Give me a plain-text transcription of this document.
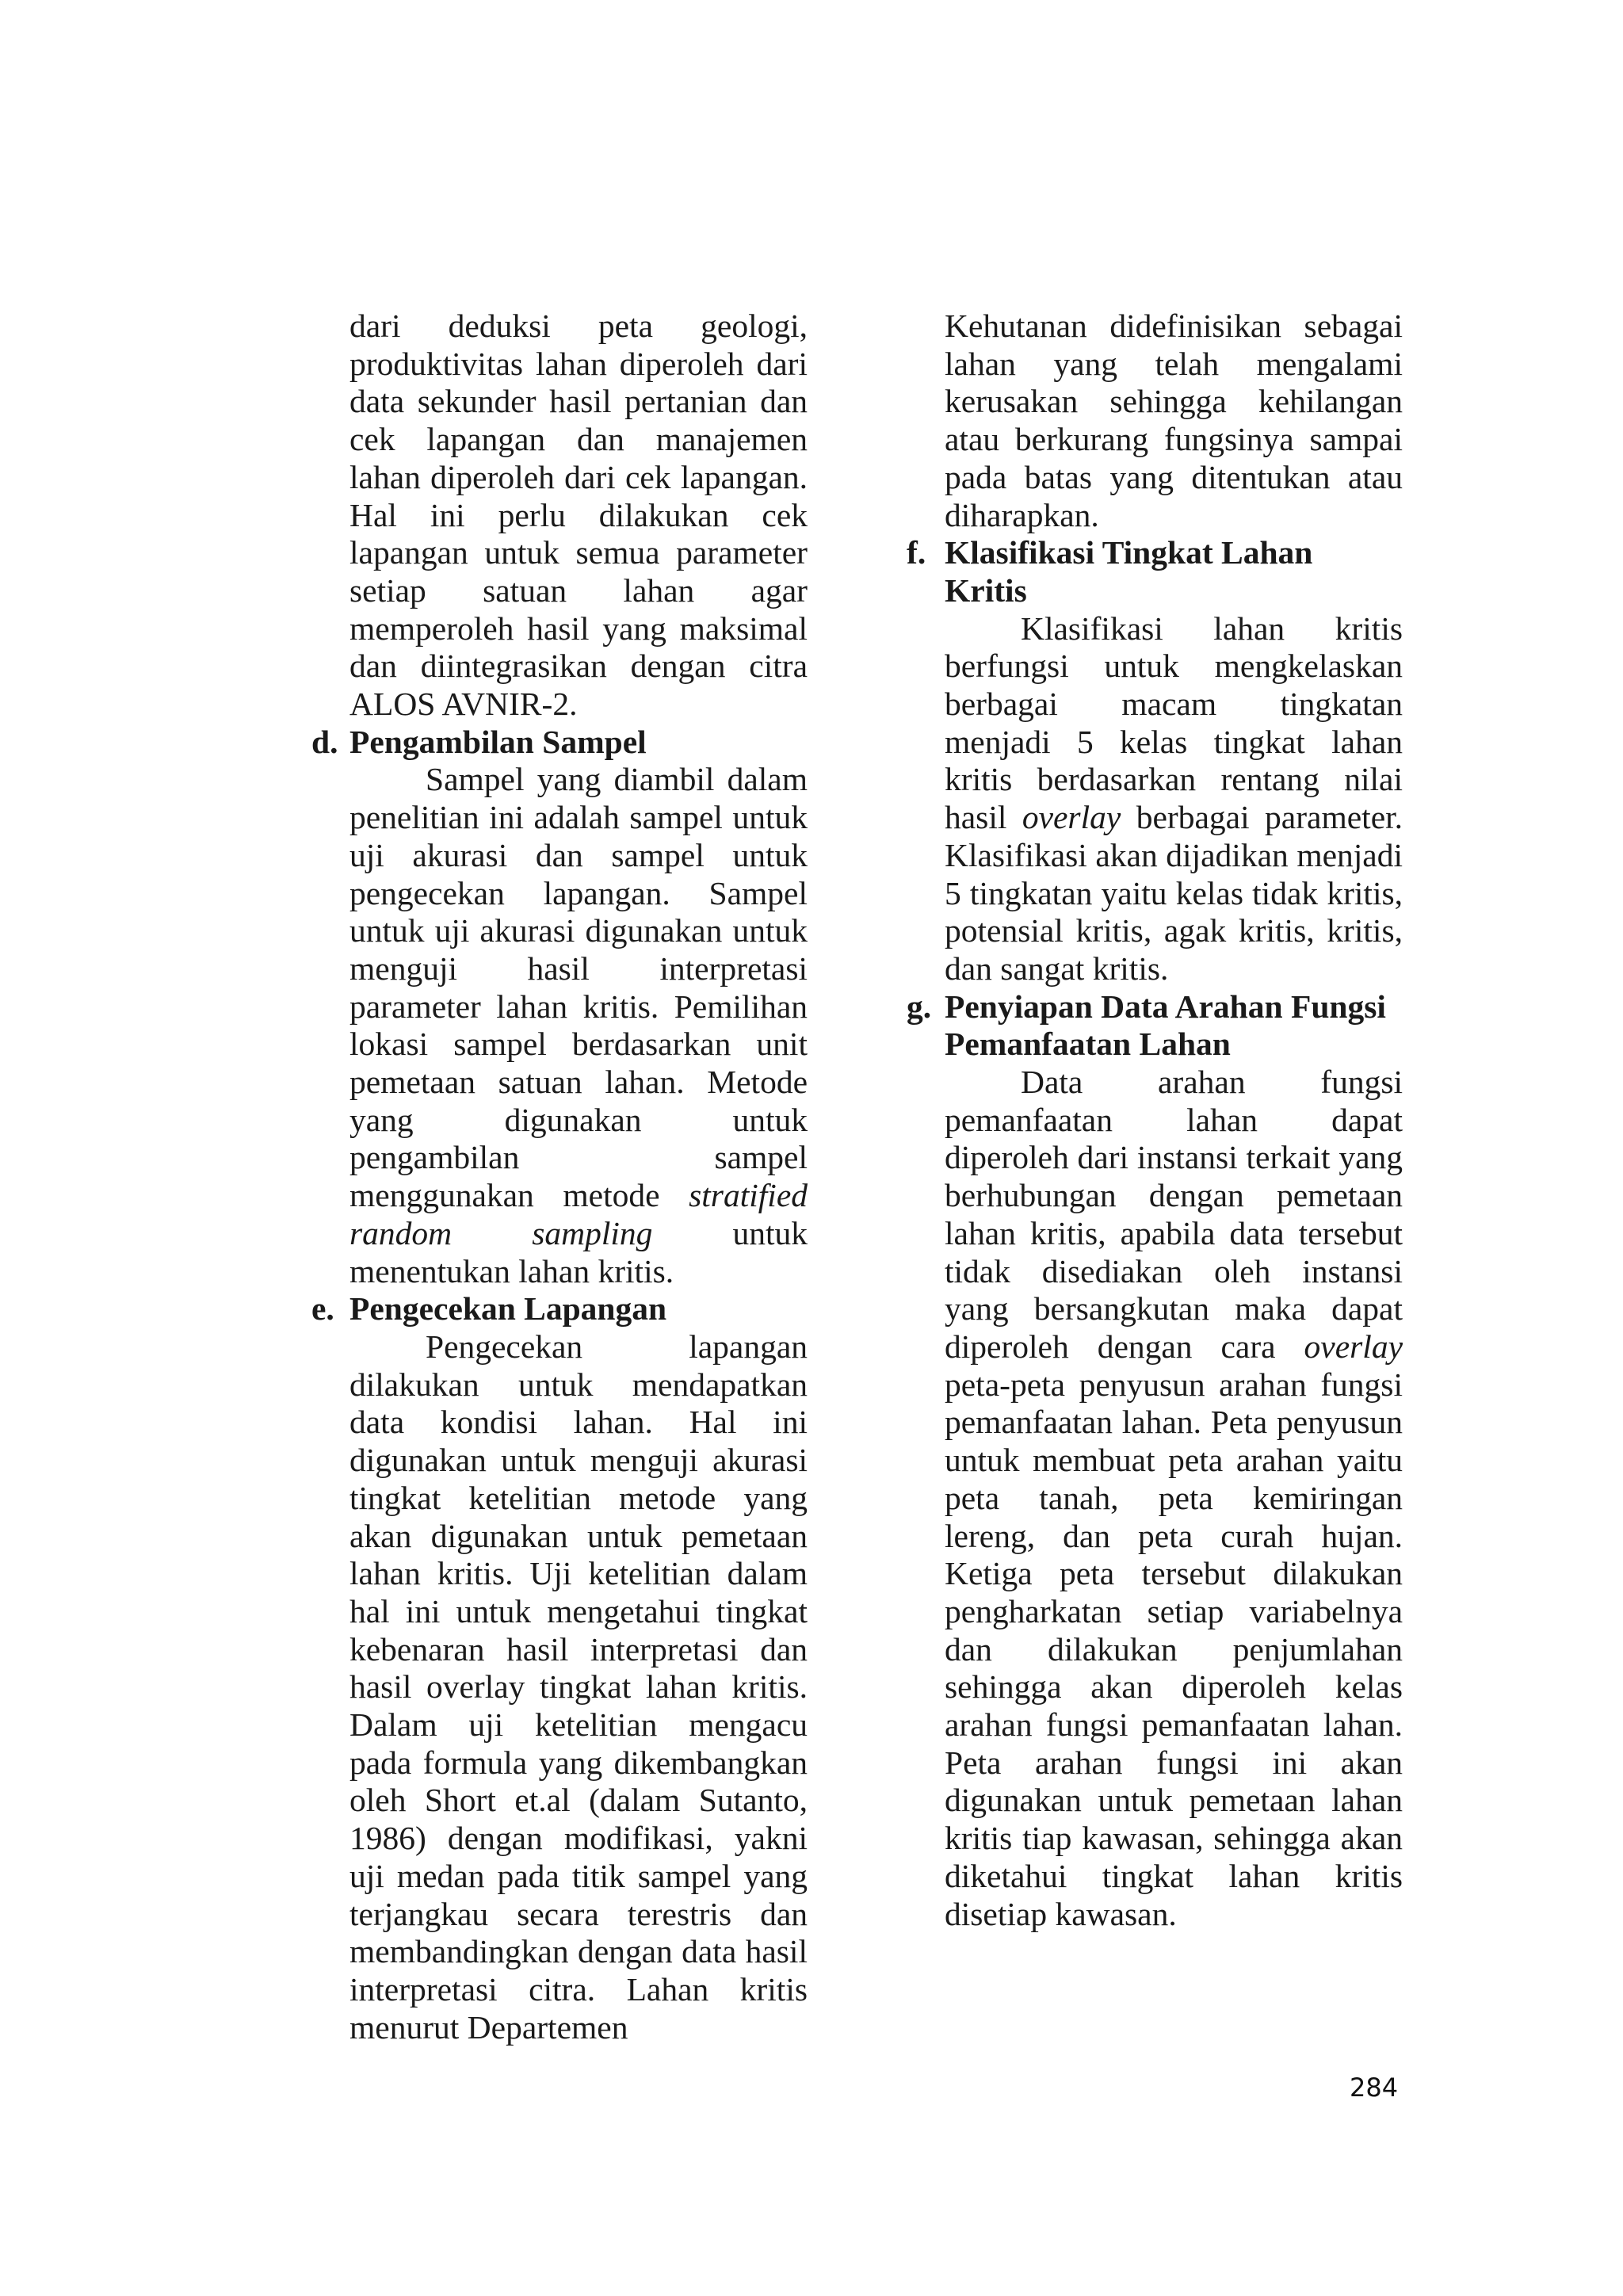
dari deduksi peta geologi, produktivitas lahan diperoleh dari data sekunder hasil pertanian dan cek lapangan dan manajemen lahan diperoleh dari cek lapangan. Hal ini perlu dilakukan cek lapangan untuk semua parameter setiap satuan lahan agar memperoleh hasil yang maksimal dan diintegrasikan dengan citra ALOS AVNIR-2.

d. Pengambilan Sampel

Sampel yang diambil dalam penelitian ini adalah sampel untuk uji akurasi dan sampel untuk pengecekan lapangan. Sampel untuk uji akurasi digunakan untuk menguji hasil interpretasi parameter lahan kritis. Pemilihan lokasi sampel berdasarkan unit pemetaan satuan lahan. Metode yang digunakan untuk pengambilan sampel menggunakan metode stratified random sampling untuk menentukan lahan kritis.

e. Pengecekan Lapangan

Pengecekan lapangan dilakukan untuk mendapatkan data kondisi lahan. Hal ini digunakan untuk menguji akurasi tingkat ketelitian metode yang akan digunakan untuk pemetaan lahan kritis. Uji ketelitian dalam hal ini untuk mengetahui tingkat kebenaran hasil interpretasi dan hasil overlay tingkat lahan kritis. Dalam uji ketelitian mengacu pada formula yang dikembangkan oleh Short et.al (dalam Sutanto, 1986) dengan modifikasi, yakni uji medan pada titik sampel yang terjangkau secara terestris dan membandingkan dengan data hasil interpretasi citra. Lahan kritis menurut Departemen

Kehutanan didefinisikan sebagai lahan yang telah mengalami kerusakan sehingga kehilangan atau berkurang fungsinya sampai pada batas yang ditentukan atau diharapkan.

f. Klasifikasi Tingkat Lahan Kritis

Klasifikasi lahan kritis berfungsi untuk mengkelaskan berbagai macam tingkatan menjadi 5 kelas tingkat lahan kritis berdasarkan rentang nilai hasil overlay berbagai parameter. Klasifikasi akan dijadikan menjadi 5 tingkatan yaitu kelas tidak kritis, potensial kritis, agak kritis, kritis, dan sangat kritis.

g. Penyiapan Data Arahan Fungsi Pemanfaatan Lahan

Data arahan fungsi pemanfaatan lahan dapat diperoleh dari instansi terkait yang berhubungan dengan pemetaan lahan kritis, apabila data tersebut tidak disediakan oleh instansi yang bersangkutan maka dapat diperoleh dengan cara overlay peta-peta penyusun arahan fungsi pemanfaatan lahan. Peta penyusun untuk membuat peta arahan yaitu peta tanah, peta kemiringan lereng, dan peta curah hujan. Ketiga peta tersebut dilakukan pengharkatan setiap variabelnya dan dilakukan penjumlahan sehingga akan diperoleh kelas arahan fungsi pemanfaatan lahan. Peta arahan fungsi ini akan digunakan untuk pemetaan lahan kritis tiap kawasan, sehingga akan diketahui tingkat lahan kritis disetiap kawasan.

284
